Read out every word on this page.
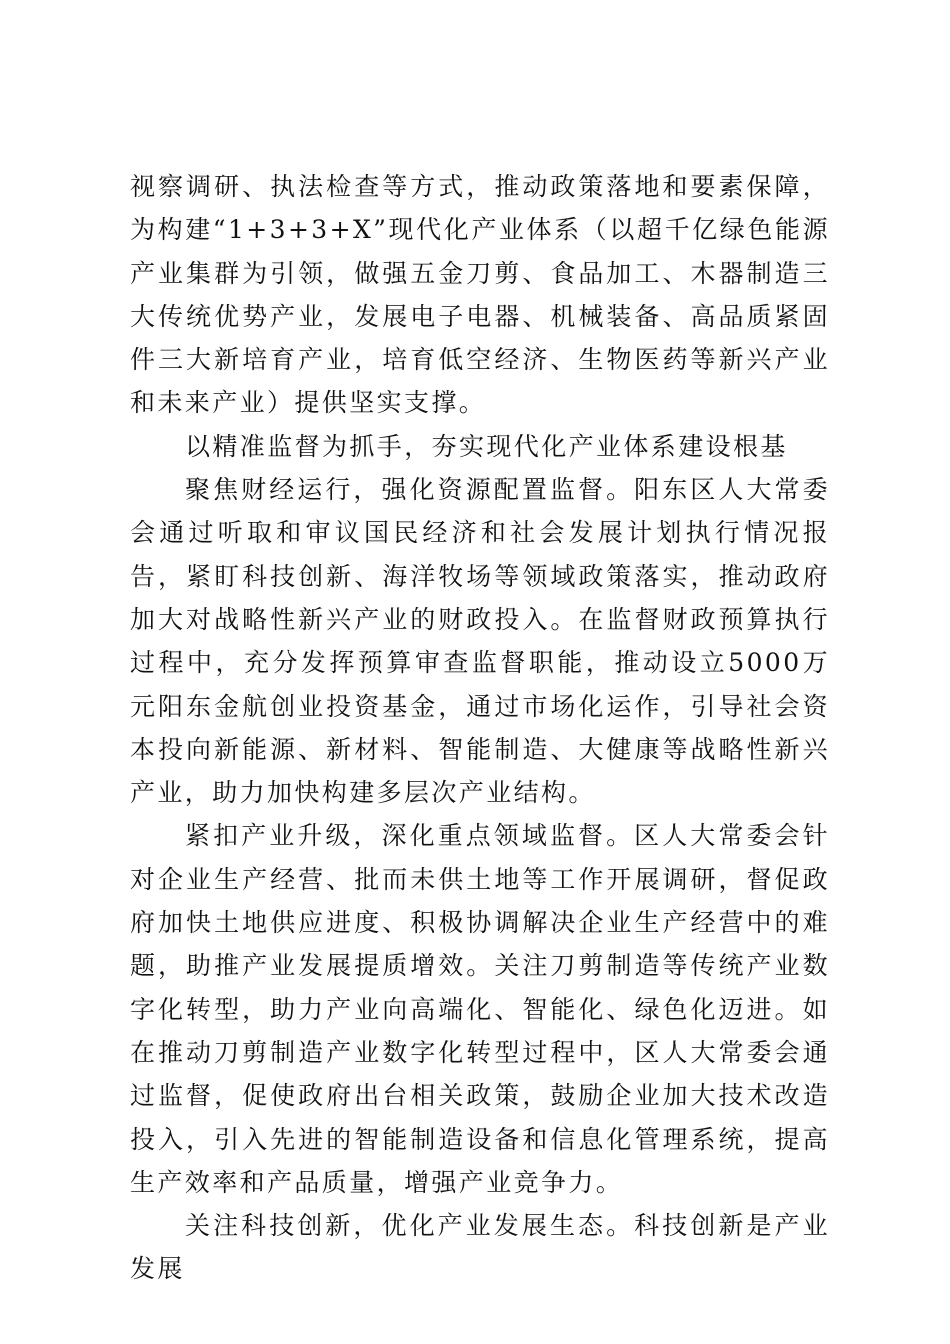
视察调研、执法检查等方式，推动政策落地和要素保障，为构建“1+3+3+X”现代化产业体系（以超千亿绿色能源产业集群为引领，做强五金刀剪、食品加工、木器制造三大传统优势产业，发展电子电器、机械装备、高品质紧固件三大新培育产业，培育低空经济、生物医药等新兴产业和未来产业）提供坚实支撑。

以精准监督为抓手，夯实现代化产业体系建设根基

聚焦财经运行，强化资源配置监督。阳东区人大常委会通过听取和审议国民经济和社会发展计划执行情况报告，紧盯科技创新、海洋牧场等领域政策落实，推动政府加大对战略性新兴产业的财政投入。在监督财政预算执行过程中，充分发挥预算审查监督职能，推动设立5000万元阳东金航创业投资基金，通过市场化运作，引导社会资本投向新能源、新材料、智能制造、大健康等战略性新兴产业，助力加快构建多层次产业结构。

紧扣产业升级，深化重点领域监督。区人大常委会针对企业生产经营、批而未供土地等工作开展调研，督促政府加快土地供应进度、积极协调解决企业生产经营中的难题，助推产业发展提质增效。关注刀剪制造等传统产业数字化转型，助力产业向高端化、智能化、绿色化迈进。如在推动刀剪制造产业数字化转型过程中，区人大常委会通过监督，促使政府出台相关政策，鼓励企业加大技术改造投入，引入先进的智能制造设备和信息化管理系统，提高生产效率和产品质量，增强产业竞争力。

关注科技创新，优化产业发展生态。科技创新是产业发展
